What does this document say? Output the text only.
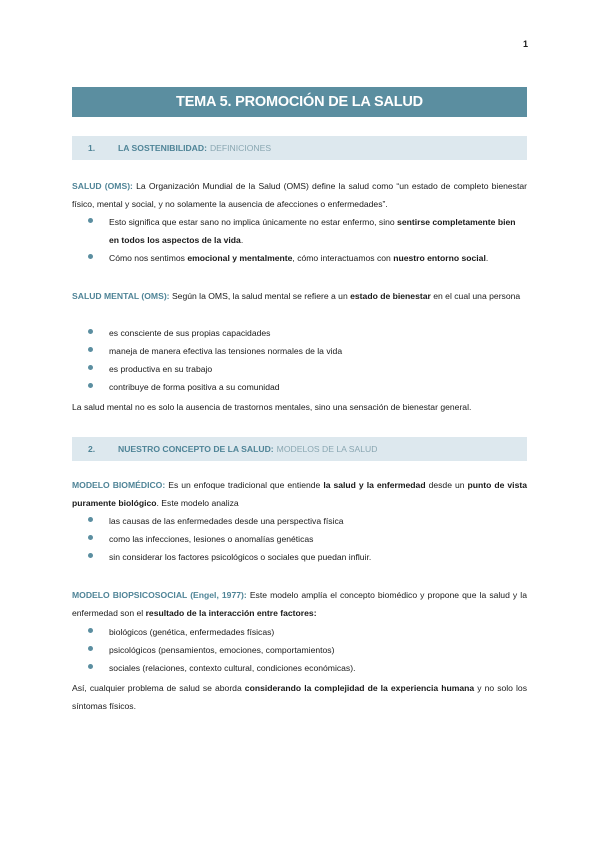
1
TEMA 5. PROMOCIÓN DE LA SALUD
1.	LA SOSTENIBILIDAD: DEFINICIONES
SALUD (OMS): La Organización Mundial de la Salud (OMS) define la salud como “un estado de completo bienestar físico, mental y social, y no solamente la ausencia de afecciones o enfermedades”.
Esto significa que estar sano no implica únicamente no estar enfermo, sino sentirse completamente bien en todos los aspectos de la vida.
Cómo nos sentimos emocional y mentalmente, cómo interactuamos con nuestro entorno social.
SALUD MENTAL (OMS): Según la OMS, la salud mental se refiere a un estado de bienestar en el cual una persona
es consciente de sus propias capacidades
maneja de manera efectiva las tensiones normales de la vida
es productiva en su trabajo
contribuye de forma positiva a su comunidad
La salud mental no es solo la ausencia de trastornos mentales, sino una sensación de bienestar general.
2.	NUESTRO CONCEPTO DE LA SALUD: MODELOS DE LA SALUD
MODELO BIOMÉDICO: Es un enfoque tradicional que entiende la salud y la enfermedad desde un punto de vista puramente biológico. Este modelo analiza
las causas de las enfermedades desde una perspectiva física
como las infecciones, lesiones o anomalías genéticas
sin considerar los factores psicológicos o sociales que puedan influir.
MODELO BIOPSICOSOCIAL (Engel, 1977): Este modelo amplía el concepto biomédico y propone que la salud y la enfermedad son el resultado de la interacción entre factores:
biológicos (genética, enfermedades físicas)
psicológicos (pensamientos, emociones, comportamientos)
sociales (relaciones, contexto cultural, condiciones económicas).
Así, cualquier problema de salud se aborda considerando la complejidad de la experiencia humana y no solo los síntomas físicos.
